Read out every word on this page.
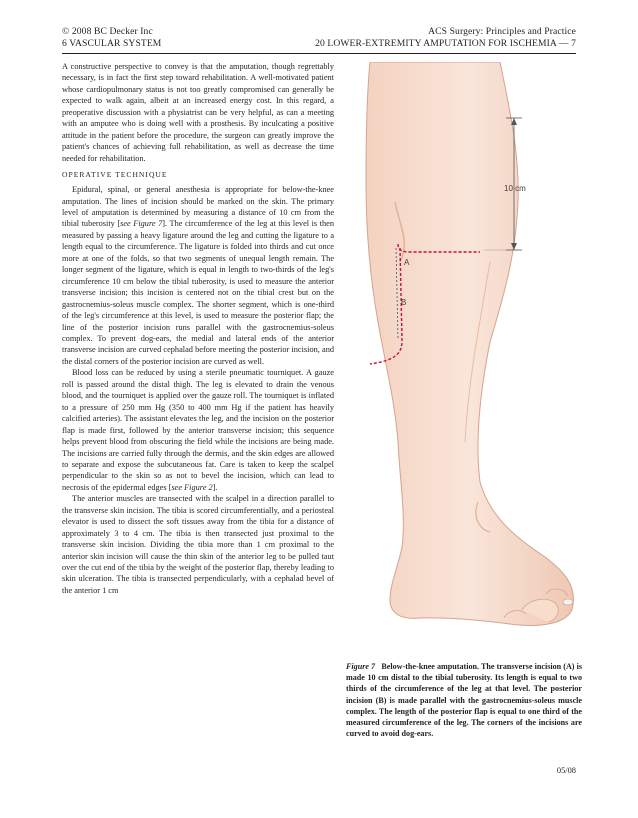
© 2008 BC Decker Inc
6 VASCULAR SYSTEM
ACS Surgery: Principles and Practice
20 LOWER-EXTREMITY AMPUTATION FOR ISCHEMIA — 7

A constructive perspective to convey is that the amputation, though regrettably necessary, is in fact the first step toward rehabilitation. A well-motivated patient whose cardiopulmonary status is not too greatly compromised can generally be expected to walk again, albeit at an increased energy cost. In this regard, a preoperative discussion with a physiatrist can be very helpful, as can a meeting with an amputee who is doing well with a prosthesis. By inculcating a positive attitude in the patient before the procedure, the surgeon can greatly improve the patient's chances of achieving full rehabilitation, as well as decrease the time needed for rehabilitation.

OPERATIVE TECHNIQUE

Epidural, spinal, or general anesthesia is appropriate for below-the-knee amputation. The lines of incision should be marked on the skin. The primary level of amputation is determined by measuring a distance of 10 cm from the tibial tuberosity [see Figure 7]. The circumference of the leg at this level is then measured by passing a heavy ligature around the leg and cutting the ligature to a length equal to the circumference. The ligature is folded into thirds and cut once more at one of the folds, so that two segments of unequal length remain. The longer segment of the ligature, which is equal in length to two-thirds of the leg's circumference 10 cm below the tibial tuberosity, is used to measure the anterior transverse incision; this incision is centered not on the tibial crest but on the gastrocnemius-soleus muscle complex. The shorter segment, which is one-third of the leg's circumference at this level, is used to measure the posterior flap; the line of the posterior incision runs parallel with the gastrocnemius-soleus complex. To prevent dog-ears, the medial and lateral ends of the anterior transverse incision are curved cephalad before meeting the posterior incision, and the distal corners of the posterior incision are curved as well.

Blood loss can be reduced by using a sterile pneumatic tourniquet. A gauze roll is passed around the distal thigh. The leg is elevated to drain the venous blood, and the tourniquet is applied over the gauze roll. The tourniquet is inflated to a pressure of 250 mm Hg (350 to 400 mm Hg if the patient has heavily calcified arteries). The assistant elevates the leg, and the incision on the posterior flap is made first, followed by the anterior transverse incision; this sequence helps prevent blood from obscuring the field while the incisions are being made. The incisions are carried fully through the dermis, and the skin edges are allowed to separate and expose the subcutaneous fat. Care is taken to keep the scalpel perpendicular to the skin so as not to bevel the incision, which can lead to necrosis of the epidermal edges [see Figure 2].

The anterior muscles are transected with the scalpel in a direction parallel to the transverse skin incision. The tibia is scored circumferentially, and a periosteal elevator is used to dissect the soft tissues away from the tibia for a distance of approximately 3 to 4 cm. The tibia is then transected just proximal to the transverse skin incision. Dividing the tibia more than 1 cm proximal to the anterior skin incision will cause the thin skin of the anterior leg to be pulled taut over the cut end of the tibia by the weight of the posterior flap, thereby leading to skin ulceration. The tibia is transected perpendicularly, with a cephalad bevel of the anterior 1 cm

10 cm
A
B
Figure 7 Below-the-knee amputation. The transverse incision (A) is made 10 cm distal to the tibial tuberosity. Its length is equal to two thirds of the circumference of the leg at that level. The posterior incision (B) is made parallel with the gastrocnemius-soleus muscle complex. The length of the posterior flap is equal to one third of the measured circumference of the leg. The corners of the incisions are curved to avoid dog-ears.
05/08
